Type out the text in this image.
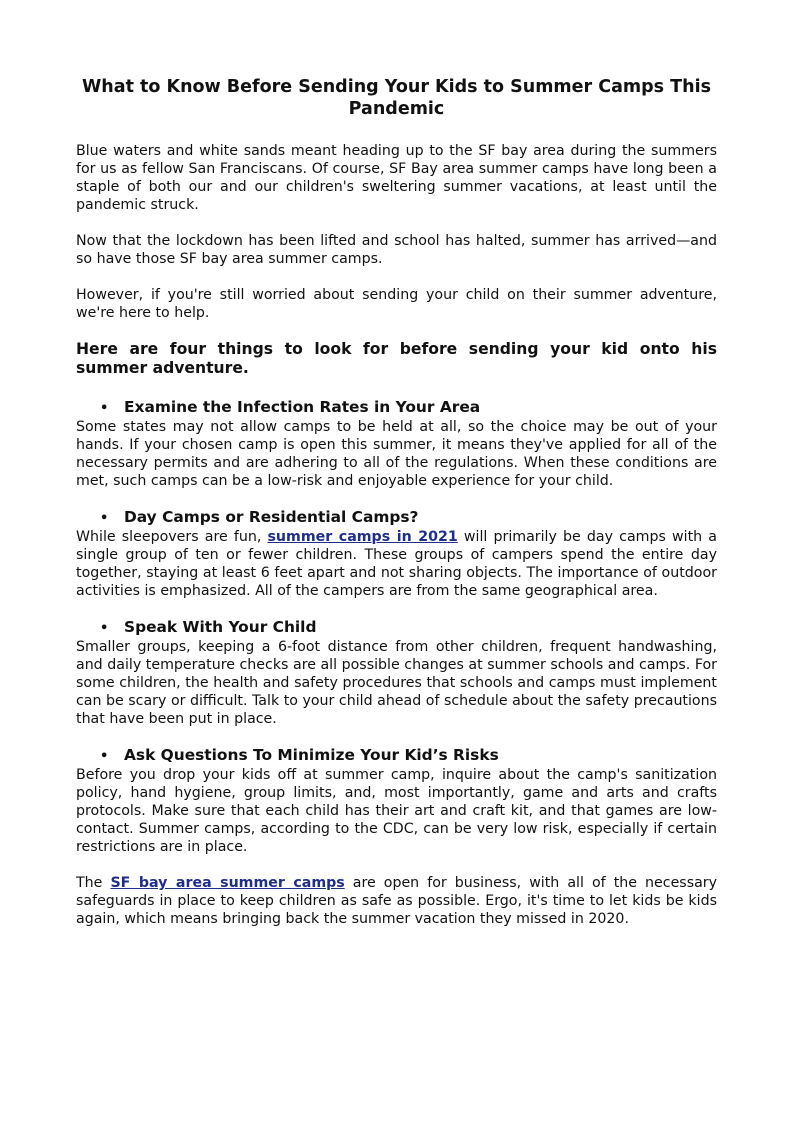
What to Know Before Sending Your Kids to Summer Camps This Pandemic

Blue waters and white sands meant heading up to the SF bay area during the summers for us as fellow San Franciscans. Of course, SF Bay area summer camps have long been a staple of both our and our children's sweltering summer vacations, at least until the pandemic struck.

Now that the lockdown has been lifted and school has halted, summer has arrived—and so have those SF bay area summer camps.

However, if you're still worried about sending your child on their summer adventure, we're here to help.

Here are four things to look for before sending your kid onto his summer adventure.

•	Examine the Infection Rates in Your Area

Some states may not allow camps to be held at all, so the choice may be out of your hands. If your chosen camp is open this summer, it means they've applied for all of the necessary permits and are adhering to all of the regulations. When these conditions are met, such camps can be a low-risk and enjoyable experience for your child.

•	Day Camps or Residential Camps?

While sleepovers are fun, summer camps in 2021 will primarily be day camps with a single group of ten or fewer children. These groups of campers spend the entire day together, staying at least 6 feet apart and not sharing objects. The importance of outdoor activities is emphasized. All of the campers are from the same geographical area.

•	Speak With Your Child

Smaller groups, keeping a 6-foot distance from other children, frequent handwashing, and daily temperature checks are all possible changes at summer schools and camps. For some children, the health and safety procedures that schools and camps must implement can be scary or difficult. Talk to your child ahead of schedule about the safety precautions that have been put in place.

•	Ask Questions To Minimize Your Kid’s Risks

Before you drop your kids off at summer camp, inquire about the camp's sanitization policy, hand hygiene, group limits, and, most importantly, game and arts and crafts protocols. Make sure that each child has their art and craft kit, and that games are low-contact. Summer camps, according to the CDC, can be very low risk, especially if certain restrictions are in place.

The SF bay area summer camps are open for business, with all of the necessary safeguards in place to keep children as safe as possible. Ergo, it's time to let kids be kids again, which means bringing back the summer vacation they missed in 2020.
